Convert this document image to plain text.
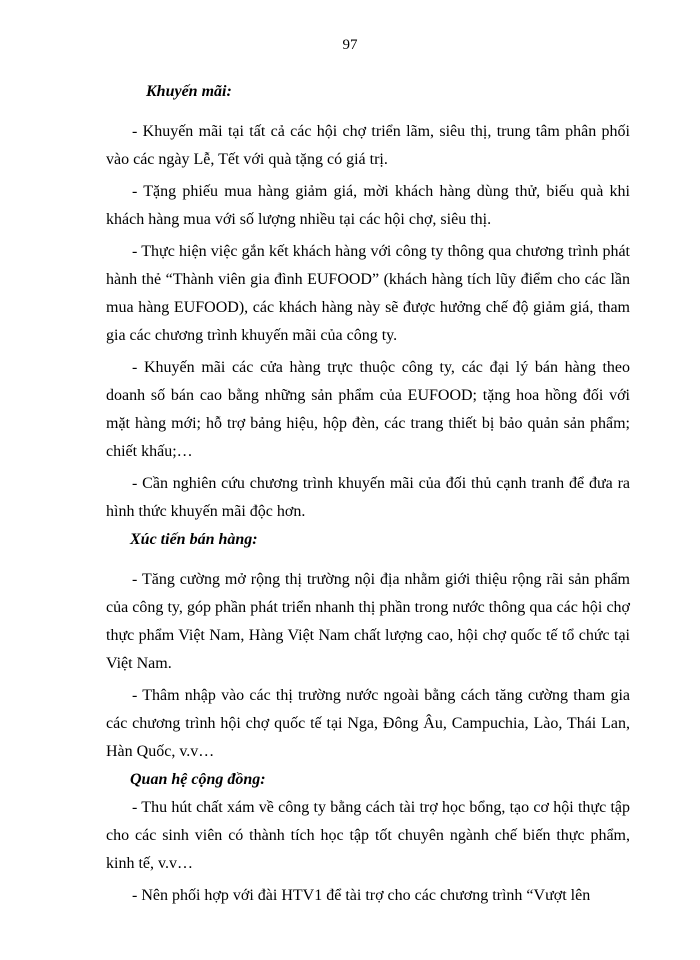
97

Khuyến mãi:

- Khuyến mãi tại tất cả các hội chợ triển lãm, siêu thị, trung tâm phân phối vào các ngày Lễ, Tết với quà tặng có giá trị.

- Tặng phiếu mua hàng giảm giá, mời khách hàng dùng thử, biếu quà khi khách hàng mua với số lượng nhiều tại các hội chợ, siêu thị.

- Thực hiện việc gắn kết khách hàng với công ty thông qua chương trình phát hành thẻ “Thành viên gia đình EUFOOD” (khách hàng tích lũy điểm cho các lần mua hàng EUFOOD), các khách hàng này sẽ được hưởng chế độ giảm giá, tham gia các chương trình khuyến mãi của công ty.

- Khuyến mãi các cửa hàng trực thuộc công ty, các đại lý bán hàng theo doanh số bán cao bằng những sản phẩm của EUFOOD; tặng hoa hồng đối với mặt hàng mới; hỗ trợ bảng hiệu, hộp đèn, các trang thiết bị bảo quản sản phẩm; chiết khấu;…

- Cần nghiên cứu chương trình khuyến mãi của đối thủ cạnh tranh để đưa ra hình thức khuyến mãi độc hơn.

Xúc tiến bán hàng:

- Tăng cường mở rộng thị trường nội địa nhằm giới thiệu rộng rãi sản phẩm của công ty, góp phần phát triển nhanh thị phần trong nước thông qua các hội chợ thực phẩm Việt Nam, Hàng Việt Nam chất lượng cao, hội chợ quốc tế tổ chức tại Việt Nam.

- Thâm nhập vào các thị trường nước ngoài bằng cách tăng cường tham gia các chương trình hội chợ quốc tế tại Nga, Đông Âu, Campuchia, Lào, Thái Lan, Hàn Quốc, v.v…

Quan hệ cộng đồng:

- Thu hút chất xám về công ty bằng cách tài trợ học bổng, tạo cơ hội thực tập cho các sinh viên có thành tích học tập tốt chuyên ngành chế biến thực phẩm, kinh tế, v.v…

- Nên phối hợp với đài HTV1 để tài trợ cho các chương trình “Vượt lên
